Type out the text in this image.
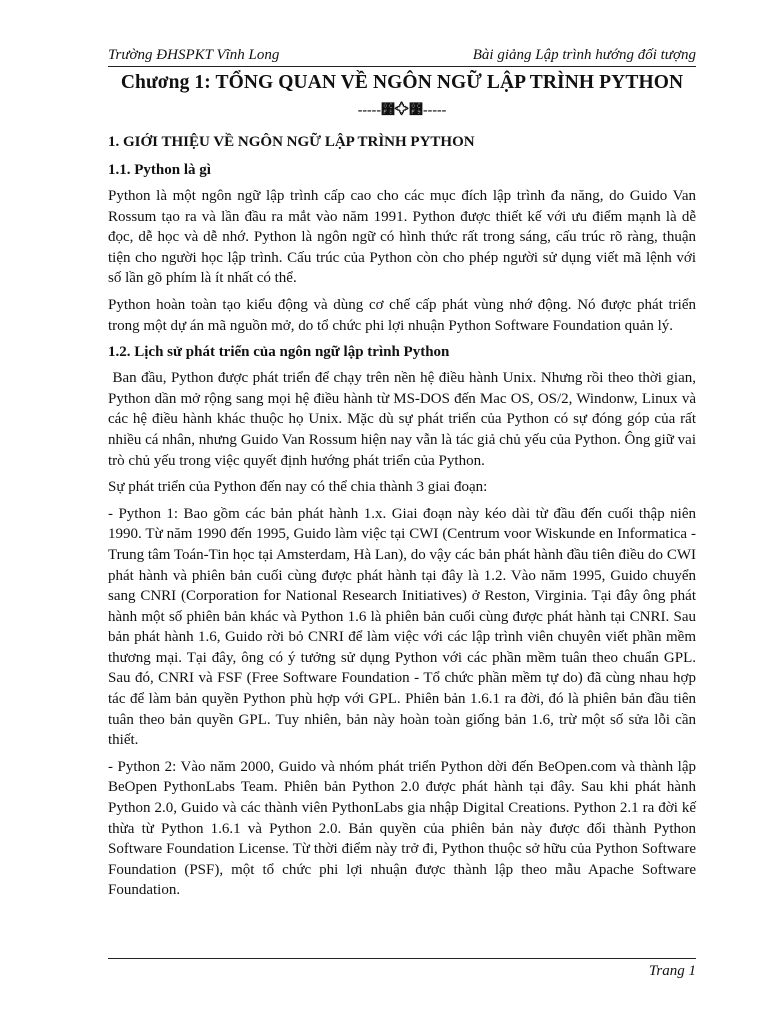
Trường ĐHSPKT Vĩnh Long	Bài giảng Lập trình hướng đối tượng
Chương 1: TỔNG QUAN VỀ NGÔN NGỮ LẬP TRÌNH PYTHON
-----೸✧೹-----
1. GIỚI THIỆU VỀ NGÔN NGỮ LẬP TRÌNH PYTHON
1.1. Python là gì

Python là một ngôn ngữ lập trình cấp cao cho các mục đích lập trình đa năng, do Guido Van Rossum tạo ra và lần đầu ra mắt vào năm 1991. Python được thiết kế với ưu điểm mạnh là dễ đọc, dễ học và dễ nhớ. Python là ngôn ngữ có hình thức rất trong sáng, cấu trúc rõ ràng, thuận tiện cho người học lập trình. Cấu trúc của Python còn cho phép người sử dụng viết mã lệnh với số lần gõ phím là ít nhất có thể.

Python hoàn toàn tạo kiểu động và dùng cơ chế cấp phát vùng nhớ động. Nó được phát triển trong một dự án mã nguồn mở, do tổ chức phi lợi nhuận Python Software Foundation quản lý.

1.2. Lịch sử phát triển của ngôn ngữ lập trình Python

Ban đầu, Python được phát triển để chạy trên nền hệ điều hành Unix. Nhưng rồi theo thời gian, Python dần mở rộng sang mọi hệ điều hành từ MS-DOS đến Mac OS, OS/2, Windonw, Linux và các hệ điều hành khác thuộc họ Unix. Mặc dù sự phát triển của Python có sự đóng góp của rất nhiều cá nhân, nhưng Guido Van Rossum hiện nay vẫn là tác giả chủ yếu của Python. Ông giữ vai trò chủ yếu trong việc quyết định hướng phát triển của Python.

Sự phát triển của Python đến nay có thể chia thành 3 giai đoạn:

- Python 1: Bao gồm các bản phát hành 1.x. Giai đoạn này kéo dài từ đầu đến cuối thập niên 1990. Từ năm 1990 đến 1995, Guido làm việc tại CWI (Centrum voor Wiskunde en Informatica - Trung tâm Toán-Tin học tại Amsterdam, Hà Lan), do vậy các bản phát hành đầu tiên điều do CWI phát hành và phiên bản cuối cùng được phát hành tại đây là 1.2. Vào năm 1995, Guido chuyển sang CNRI (Corporation for National Research Initiatives) ở Reston, Virginia. Tại đây ông phát hành một số phiên bản khác và Python 1.6 là phiên bản cuối cùng được phát hành tại CNRI. Sau bản phát hành 1.6, Guido rời bỏ CNRI để làm việc với các lập trình viên chuyên viết phần mềm thương mại. Tại đây, ông có ý tưởng sử dụng Python với các phần mềm tuân theo chuẩn GPL. Sau đó, CNRI và FSF (Free Software Foundation - Tổ chức phần mềm tự do) đã cùng nhau hợp tác để làm bản quyền Python phù hợp với GPL. Phiên bản 1.6.1 ra đời, đó là phiên bản đầu tiên tuân theo bản quyền GPL. Tuy nhiên, bản này hoàn toàn giống bản 1.6, trừ một số sửa lỗi cần thiết.

- Python 2: Vào năm 2000, Guido và nhóm phát triển Python dời đến BeOpen.com và thành lập BeOpen PythonLabs Team. Phiên bản Python 2.0 được phát hành tại đây. Sau khi phát hành Python 2.0, Guido và các thành viên PythonLabs gia nhập Digital Creations. Python 2.1 ra đời kế thừa từ Python 1.6.1 và Python 2.0. Bản quyền của phiên bản này được đổi thành Python Software Foundation License. Từ thời điểm này trở đi, Python thuộc sở hữu của Python Software Foundation (PSF), một tổ chức phi lợi nhuận được thành lập theo mẫu Apache Software Foundation.

Trang 1
